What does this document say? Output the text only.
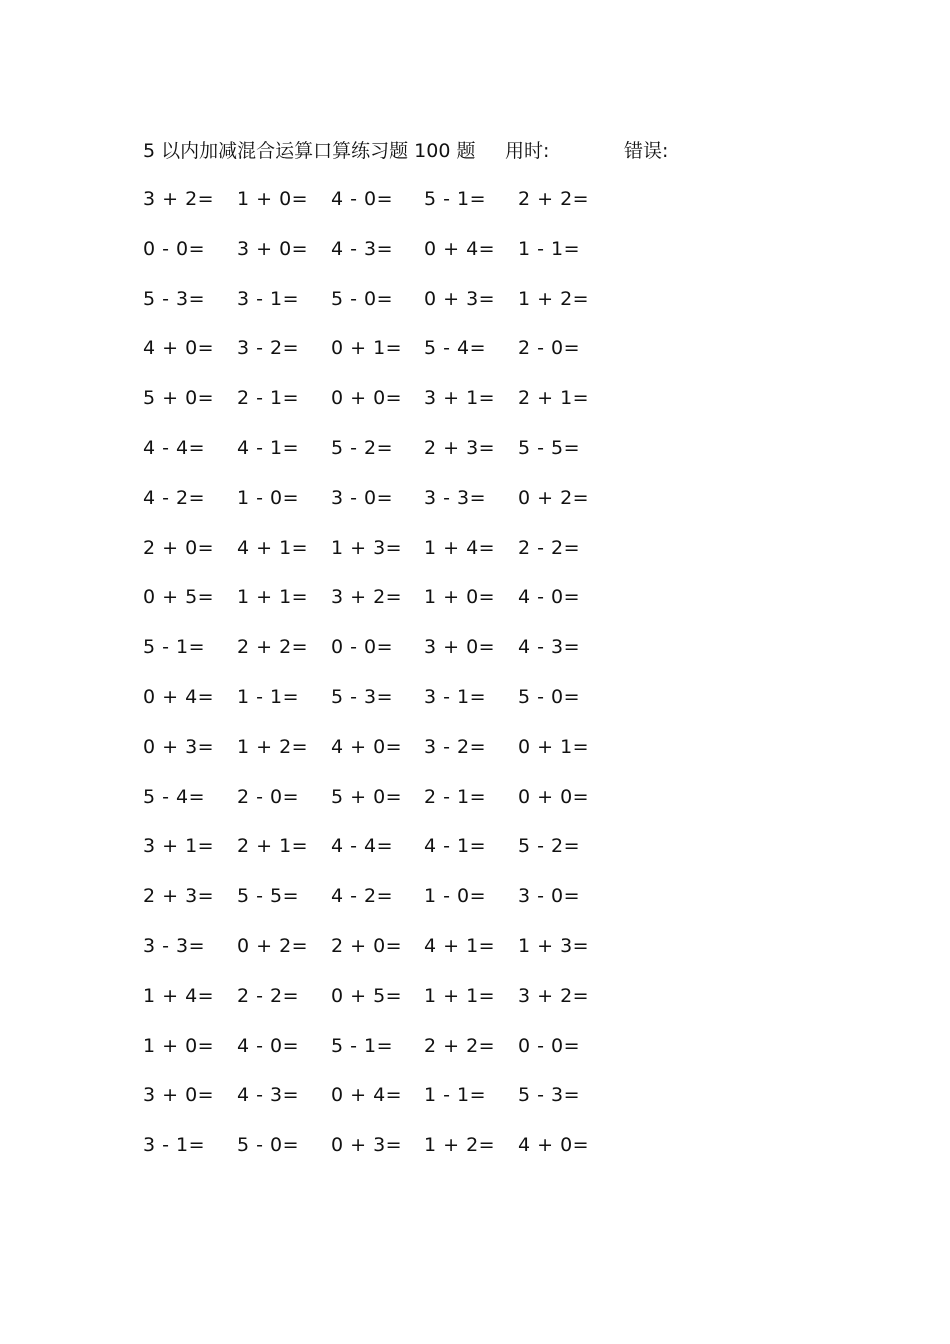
5 以内加减混合运算口算练习题 100 题 用时:	错误:
3 + 2= 1 + 0= 4 - 0= 5 - 1= 2 + 2=
0 - 0= 3 + 0= 4 - 3= 0 + 4= 1 - 1=
5 - 3= 3 - 1= 5 - 0= 0 + 3= 1 + 2=
4 + 0= 3 - 2= 0 + 1= 5 - 4= 2 - 0=
5 + 0= 2 - 1= 0 + 0= 3 + 1= 2 + 1=
4 - 4= 4 - 1= 5 - 2= 2 + 3= 5 - 5=
4 - 2= 1 - 0= 3 - 0= 3 - 3= 0 + 2=
2 + 0= 4 + 1= 1 + 3= 1 + 4= 2 - 2=
0 + 5= 1 + 1= 3 + 2= 1 + 0= 4 - 0=
5 - 1= 2 + 2= 0 - 0= 3 + 0= 4 - 3=
0 + 4= 1 - 1= 5 - 3= 3 - 1= 5 - 0=
0 + 3= 1 + 2= 4 + 0= 3 - 2= 0 + 1=
5 - 4= 2 - 0= 5 + 0= 2 - 1= 0 + 0=
3 + 1= 2 + 1= 4 - 4= 4 - 1= 5 - 2=
2 + 3= 5 - 5= 4 - 2= 1 - 0= 3 - 0=
3 - 3= 0 + 2= 2 + 0= 4 + 1= 1 + 3=
1 + 4= 2 - 2= 0 + 5= 1 + 1= 3 + 2=
1 + 0= 4 - 0= 5 - 1= 2 + 2= 0 - 0=
3 + 0= 4 - 3= 0 + 4= 1 - 1= 5 - 3=
3 - 1= 5 - 0= 0 + 3= 1 + 2= 4 + 0=
